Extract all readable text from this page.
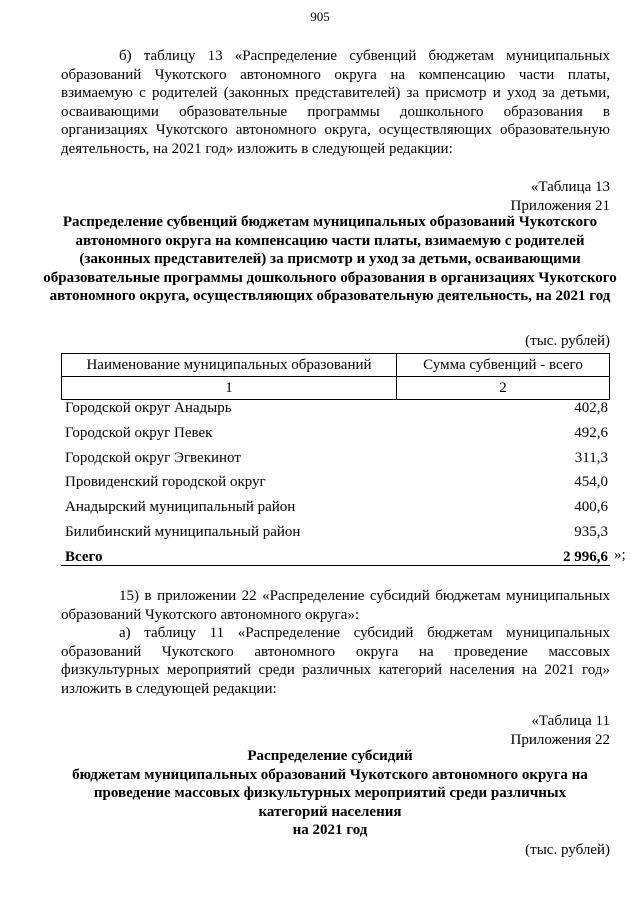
905
б) таблицу 13 «Распределение субвенций бюджетам муниципальных образований Чукотского автономного округа на компенсацию части платы, взимаемую с родителей (законных представителей) за присмотр и уход за детьми, осваивающими образовательные программы дошкольного образования в организациях Чукотского автономного округа, осуществляющих образовательную деятельность, на 2021 год» изложить в следующей редакции:
«Таблица 13
Приложения 21
Распределение субвенций бюджетам муниципальных образований Чукотского автономного округа на компенсацию части платы, взимаемую с родителей (законных представителей) за присмотр и уход за детьми, осваивающими образовательные программы дошкольного образования в организациях Чукотского автономного округа, осуществляющих образовательную деятельность, на 2021 год
(тыс. рублей)
Наименование муниципальных образований	Сумма субвенций - всего
1	2
Городской округ Анадырь	402,8
Городской округ Певек	492,6
Городской округ Эгвекинот	311,3
Провиденский городской округ	454,0
Анадырский муниципальный район	400,6
Билибинский муниципальный район	935,3
Всего	2 996,6 »;
15) в приложении 22 «Распределение субсидий бюджетам муниципальных образований Чукотского автономного округа»:
а) таблицу 11 «Распределение субсидий бюджетам муниципальных образований Чукотского автономного округа на проведение массовых физкультурных мероприятий среди различных категорий населения на 2021 год» изложить в следующей редакции:
«Таблица 11
Приложения 22
Распределение субсидий
бюджетам муниципальных образований Чукотского автономного округа на
проведение массовых физкультурных мероприятий среди различных
категорий населения
на 2021 год
(тыс. рублей)
